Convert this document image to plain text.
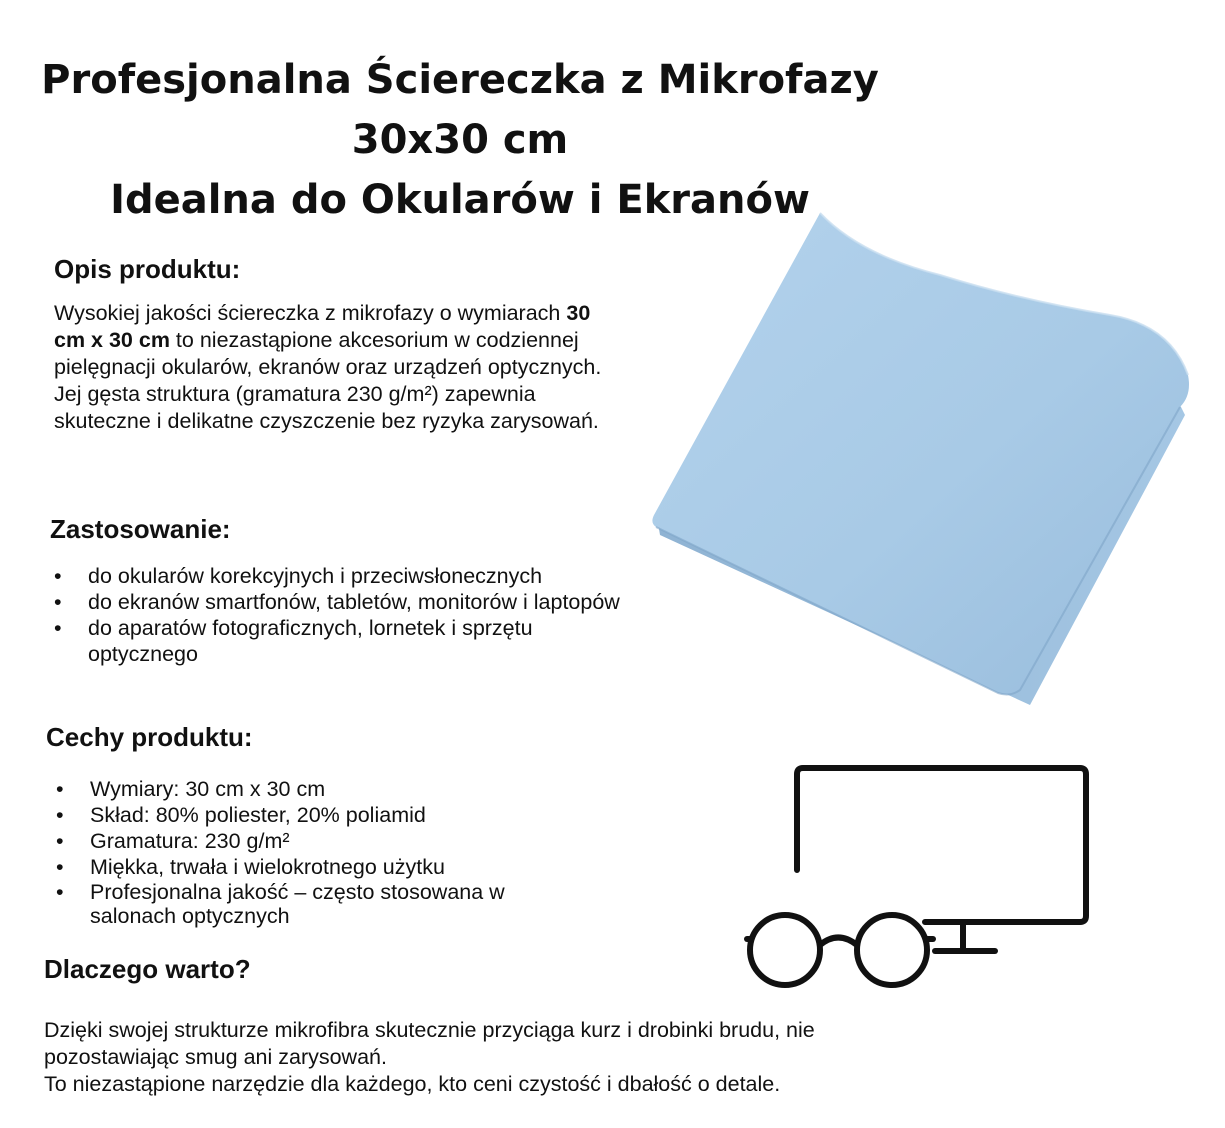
Profesjonalna Ściereczka z Mikrofazy
30x30 cm
Idealna do Okularów i Ekranów
Opis produktu:
Wysokiej jakości ściereczka z mikrofazy o wymiarach 30 cm x 30 cm to niezastąpione akcesorium w codziennej pielęgnacji okularów, ekranów oraz urządzeń optycznych.
Jej gęsta struktura (gramatura 230 g/m²) zapewnia skuteczne i delikatne czyszczenie bez ryzyka zarysowań.
Zastosowanie:
• do okularów korekcyjnych i przeciwsłonecznych
• do ekranów smartfonów, tabletów, monitorów i laptopów
• do aparatów fotograficznych, lornetek i sprzętu optycznego
Cechy produktu:
• Wymiary: 30 cm x 30 cm
• Skład: 80% poliester, 20% poliamid
• Gramatura: 230 g/m²
• Miękka, trwała i wielokrotnego użytku
• Profesjonalna jakość – często stosowana w salonach optycznych
Dlaczego warto?
Dzięki swojej strukturze mikrofibra skutecznie przyciąga kurz i drobinki brudu, nie pozostawiając smug ani zarysowań.
To niezastąpione narzędzie dla każdego, kto ceni czystość i dbałość o detale.
